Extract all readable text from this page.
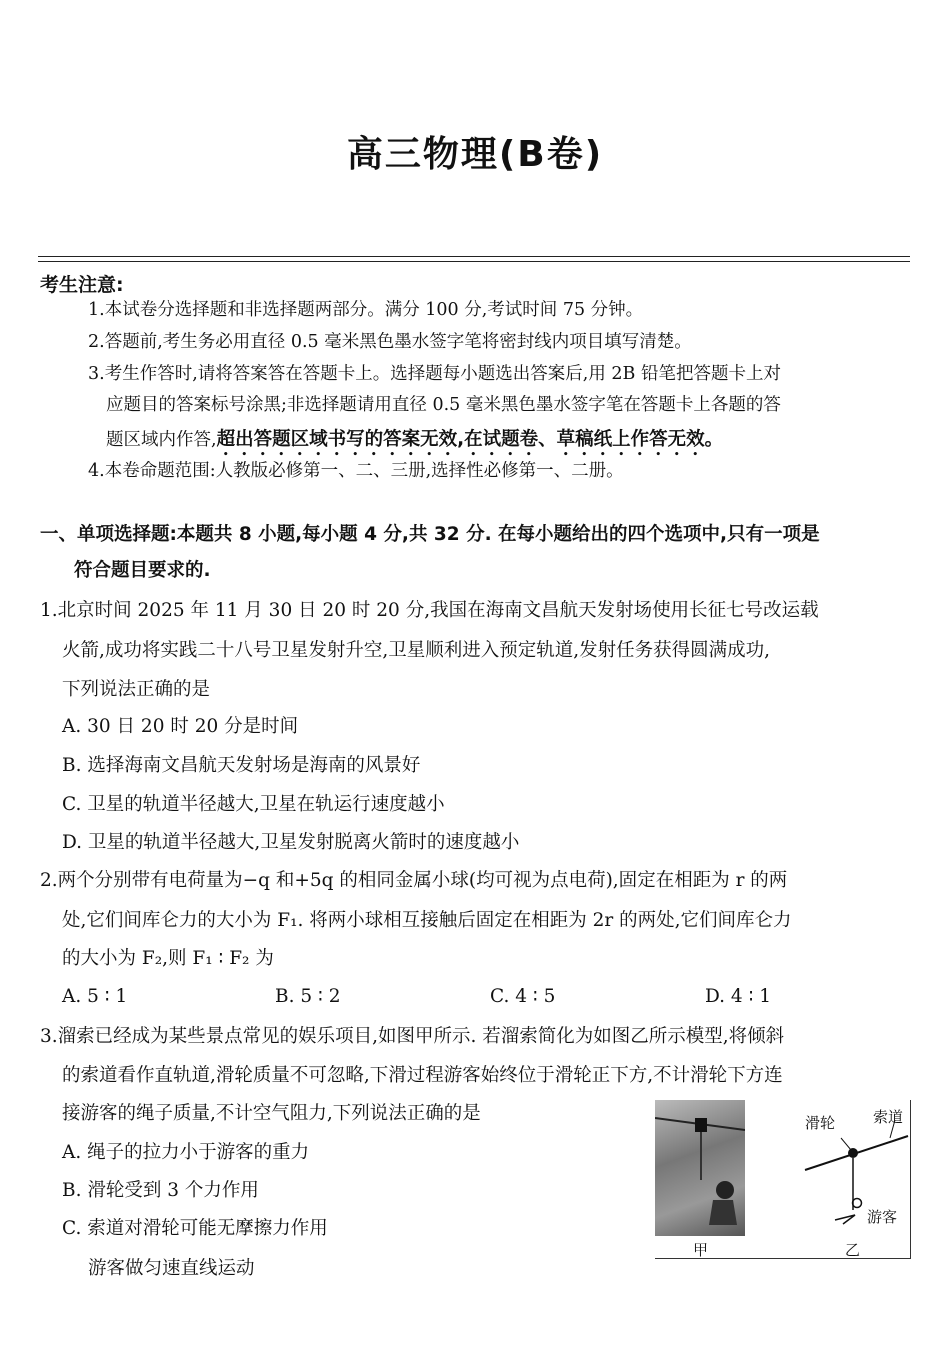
高三物理(B卷)
考生注意:
1.本试卷分选择题和非选择题两部分。满分 100 分,考试时间 75 分钟。
2.答题前,考生务必用直径 0.5 毫米黑色墨水签字笔将密封线内项目填写清楚。
3.考生作答时,请将答案答在答题卡上。选择题每小题选出答案后,用 2B 铅笔把答题卡上对
应题目的答案标号涂黑;非选择题请用直径 0.5 毫米黑色墨水签字笔在答题卡上各题的答
题区域内作答,超出答题区域书写的答案无效,在试题卷、草稿纸上作答无效。
4.本卷命题范围:人教版必修第一、二、三册,选择性必修第一、二册。
一、单项选择题:本题共 8 小题,每小题 4 分,共 32 分. 在每小题给出的四个选项中,只有一项是
符合题目要求的.
1.北京时间 2025 年 11 月 30 日 20 时 20 分,我国在海南文昌航天发射场使用长征七号改运载
火箭,成功将实践二十八号卫星发射升空,卫星顺利进入预定轨道,发射任务获得圆满成功,
下列说法正确的是
A. 30 日 20 时 20 分是时间
B. 选择海南文昌航天发射场是海南的风景好
C. 卫星的轨道半径越大,卫星在轨运行速度越小
D. 卫星的轨道半径越大,卫星发射脱离火箭时的速度越小
2.两个分别带有电荷量为−q 和+5q 的相同金属小球(均可视为点电荷),固定在相距为 r 的两
处,它们间库仑力的大小为 F₁. 将两小球相互接触后固定在相距为 2r 的两处,它们间库仑力
的大小为 F₂,则 F₁ ∶ F₂ 为
A. 5 ∶ 1	B. 5 ∶ 2	C. 4 ∶ 5	D. 4 ∶ 1
3.溜索已经成为某些景点常见的娱乐项目,如图甲所示. 若溜索简化为如图乙所示模型,将倾斜
的索道看作直轨道,滑轮质量不可忽略,下滑过程游客始终位于滑轮正下方,不计滑轮下方连
接游客的绳子质量,不计空气阻力,下列说法正确的是
A. 绳子的拉力小于游客的重力
B. 滑轮受到 3 个力作用
C. 索道对滑轮可能无摩擦力作用
游客做匀速直线运动
滑轮	索道
游客
甲	乙
